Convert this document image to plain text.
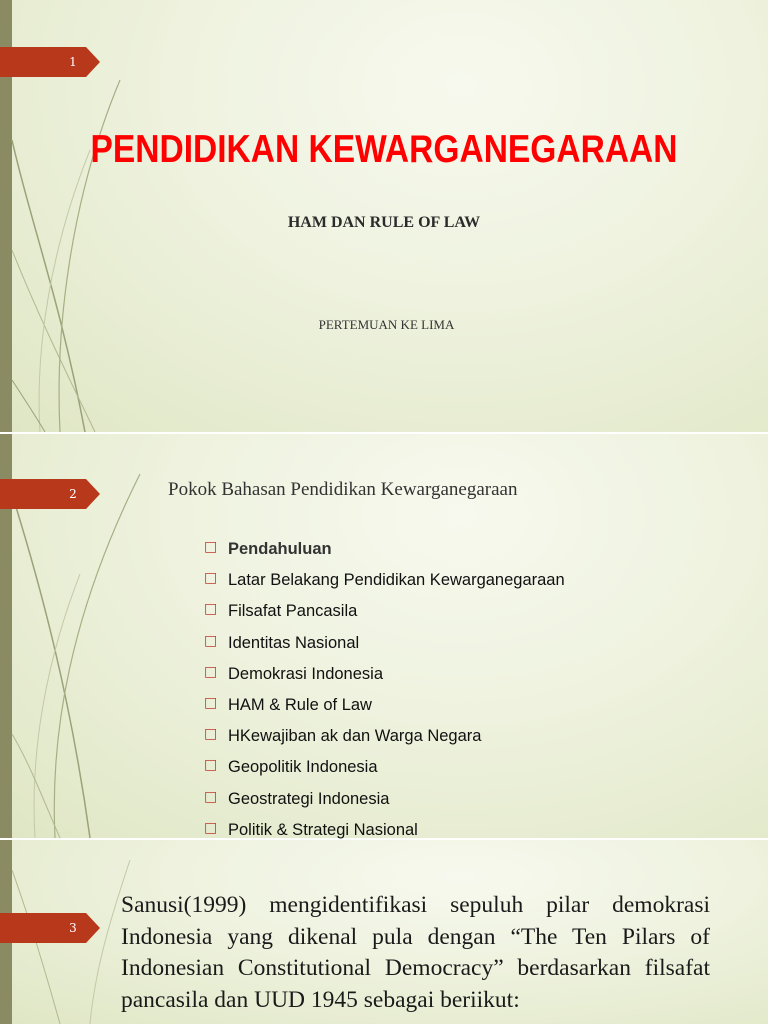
1
PENDIDIKAN KEWARGANEGARAAN
HAM DAN RULE OF LAW
PERTEMUAN KE LIMA
2	Pokok Bahasan Pendidikan Kewarganegaraan
□ Pendahuluan
□ Latar Belakang Pendidikan Kewarganegaraan
□ Filsafat Pancasila
□ Identitas Nasional
□ Demokrasi Indonesia
□ HAM & Rule of Law
□ HKewajiban ak dan Warga Negara
□ Geopolitik Indonesia
□ Geostrategi Indonesia
□ Politik & Strategi Nasional
3
Sanusi(1999) mengidentifikasi sepuluh pilar demokrasi Indonesia yang dikenal pula dengan “The Ten Pilars of Indonesian Constitutional Democracy” berdasarkan filsafat pancasila dan UUD 1945 sebagai beriikut:
